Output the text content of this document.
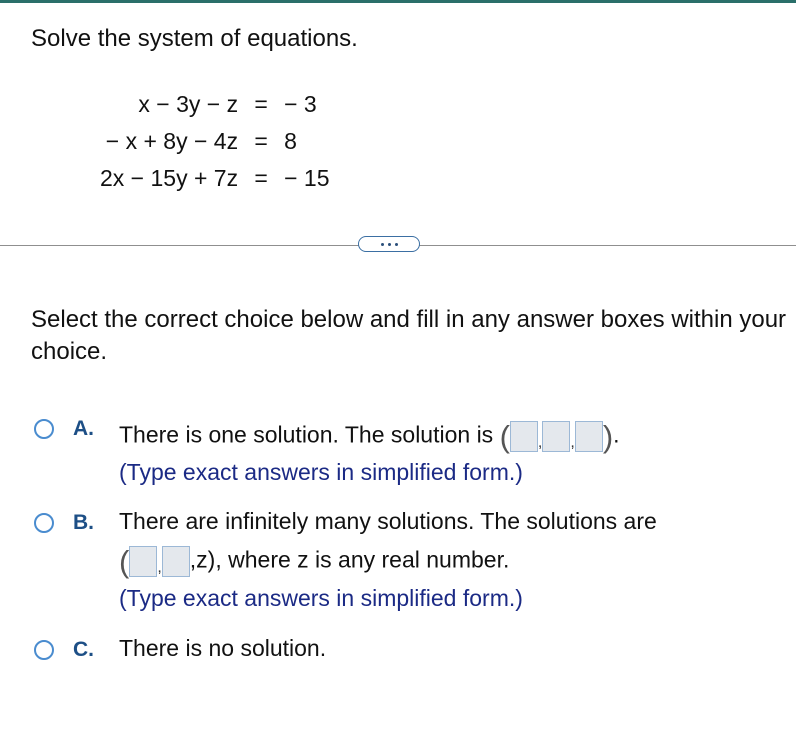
Solve the system of equations.
x − 3y − z	=	− 3
− x + 8y − 4z	=	8
2x − 15y + 7z	=	− 15
Select the correct choice below and fill in any answer boxes within your choice.
A. There is one solution. The solution is ( , , ).
(Type exact answers in simplified form.)
B. There are infinitely many solutions. The solutions are
( , ,z), where z is any real number.
(Type exact answers in simplified form.)
C. There is no solution.
